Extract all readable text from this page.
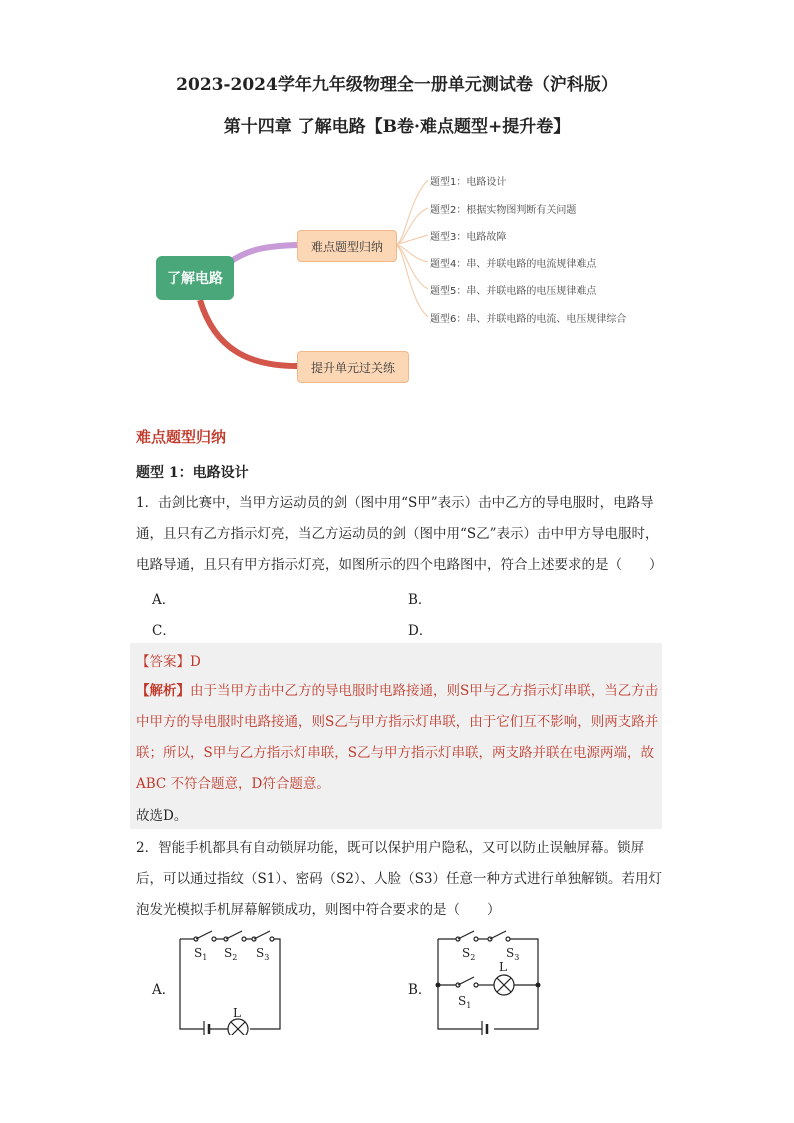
2023-2024学年九年级物理全一册单元测试卷（沪科版）
第十四章 了解电路【B卷·难点题型+提升卷】
了解电路
难点题型归纳
提升单元过关练
题型1：电路设计
题型2：根据实物图判断有关问题
题型3：电路故障
题型4：串、并联电路的电流规律难点
题型5：串、并联电路的电压规律难点
题型6：串、并联电路的电流、电压规律综合
难点题型归纳
题型 1：电路设计
1．击剑比赛中，当甲方运动员的剑（图中用“S甲”表示）击中乙方的导电服时，电路导通，且只有乙方指示灯亮，当乙方运动员的剑（图中用“S乙”表示）击中甲方导电服时，电路导通，且只有甲方指示灯亮，如图所示的四个电路图中，符合上述要求的是（　　）
A．	B．
C．	D．
【答案】D
【解析】由于当甲方击中乙方的导电服时电路接通，则S甲与乙方指示灯串联，当乙方击中甲方的导电服时电路接通，则S乙与甲方指示灯串联，由于它们互不影响，则两支路并联；所以，S甲与乙方指示灯串联，S乙与甲方指示灯串联，两支路并联在电源两端，故ABC 不符合题意，D符合题意。
故选D。
2．智能手机都具有自动锁屏功能，既可以保护用户隐私，又可以防止误触屏幕。锁屏后，可以通过指纹（S1）、密码（S2）、人脸（S3）任意一种方式进行单独解锁。若用灯泡发光模拟手机屏幕解锁成功，则图中符合要求的是（　　）
A．	B．
$S_1$ $S_2$ $S_3$
L
$S_2$	$S_3$
$S_1$
L
